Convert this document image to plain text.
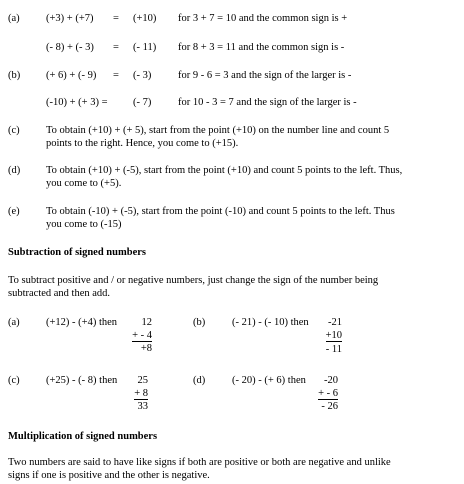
(a)	(+3) + (+7) = (+10) for 3 + 7 = 10 and the common sign is +
(- 8) + (- 3) = (- 11) for 8 + 3 = 11 and the common sign is -
(b) (+ 6) + (- 9) = (- 3)	for 9 - 6 = 3 and the sign of the larger is -
(-10) + (+ 3) = (- 7)	for 10 - 3 = 7 and the sign of the larger is -
(c)	To obtain (+10) + (+ 5), start from the point (+10) on the number line and count 5
points to the right. Hence, you come to (+15).
(d) To obtain (+10) + (-5), start from the point (+10) and count 5 points to the left. Thus,
you come to (+5).
(e)	To obtain (-10) + (-5), start from the point (-10) and count 5 points to the left. Thus
you come to (-15)
Subtraction of signed numbers
To subtract positive and / or negative numbers, just change the sign of the number being
subtracted and then add.
(a)	(+12) - (+4) then	12
+ - 4
+8
(b)	(- 21) - (- 10) then	-21
+10
- 11
(c)	(+25) - (- 8) then	25
+ 8
33
(d)	(- 20) - (+ 6) then	-20
+ - 6
- 26
Multiplication of signed numbers
Two numbers are said to have like signs if both are positive or both are negative and unlike
signs if one is positive and the other is negative.
